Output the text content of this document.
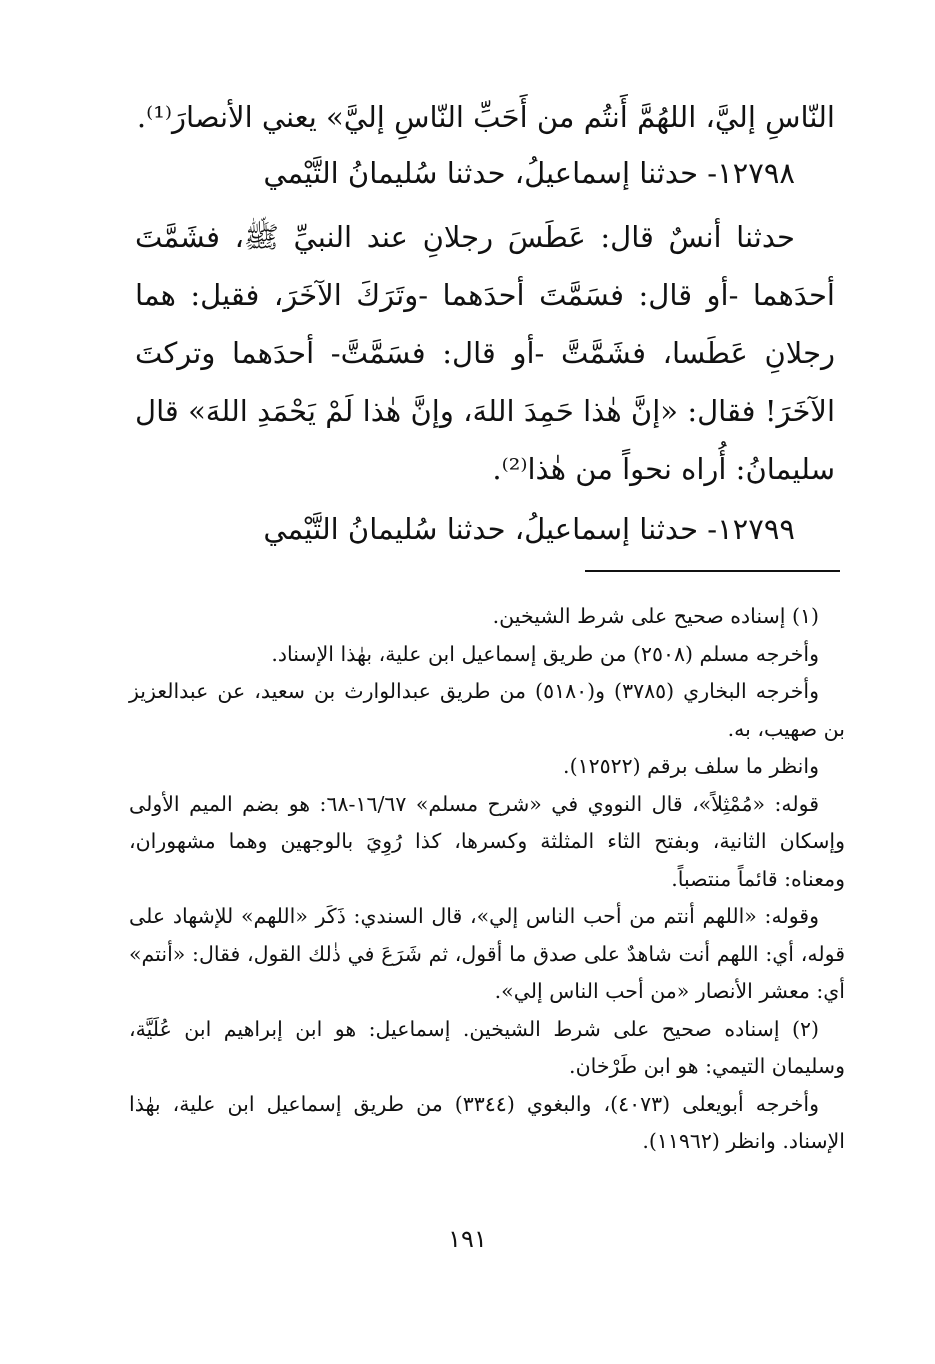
النّاسِ إليَّ، اللهُمَّ أَنتُم من أَحَبِّ النّاسِ إليَّ» يعني الأنصارَ⁽¹⁾.
١٢٧٩٨- حدثنا إسماعيلُ، حدثنا سُليمانُ التَّيْمي
حدثنا أنسٌ قال: عَطَسَ رجلانِ عند النبيِّ ﷺ، فشَمَّتَ أحدَهما -أو قال: فسَمَّتَ أحدَهما -وتَرَكَ الآخَرَ، فقيل: هما رجلانِ عَطَسا، فشَمَّتَّ -أو قال: فسَمَّتَّ- أحدَهما وتركتَ الآخَرَ! فقال: «إنَّ هٰذا حَمِدَ اللهَ، وإنَّ هٰذا لَمْ يَحْمَدِ اللهَ» قال سليمانُ: أُراه نحواً من هٰذا⁽²⁾.
١٢٧٩٩- حدثنا إسماعيلُ، حدثنا سُليمانُ التَّيْمي

(١) إسناده صحيح على شرط الشيخين.

وأخرجه مسلم (٢٥٠٨) من طريق إسماعيل ابن علية، بهٰذا الإسناد.

وأخرجه البخاري (٣٧٨٥) و(٥١٨٠) من طريق عبدالوارث بن سعيد، عن عبدالعزيز بن صهيب، به.

وانظر ما سلف برقم (١٢٥٢٢).

قوله: «مُمْثِلاً»، قال النووي في «شرح مسلم» ١٦/٦٧-٦٨: هو بضم الميم الأولى وإسكان الثانية، وبفتح الثاء المثلثة وكسرها، كذا رُوِيَ بالوجهين وهما مشهوران، ومعناه: قائماً منتصباً.

وقوله: «اللهم أنتم من أحب الناس إلي»، قال السندي: ذَكَر «اللهم» للإشهاد على قوله، أي: اللهم أنت شاهدٌ على صدق ما أقول، ثم شَرَعَ في ذٰلك القول، فقال: «أنتم» أي: معشر الأنصار «من أحب الناس إلي».

(٢) إسناده صحيح على شرط الشيخين. إسماعيل: هو ابن إبراهيم ابن عُلَيَّة، وسليمان التيمي: هو ابن طَرْخان.

وأخرجه أبويعلى (٤٠٧٣)، والبغوي (٣٣٤٤) من طريق إسماعيل ابن علية، بهٰذا الإسناد. وانظر (١١٩٦٢).

١٩١
